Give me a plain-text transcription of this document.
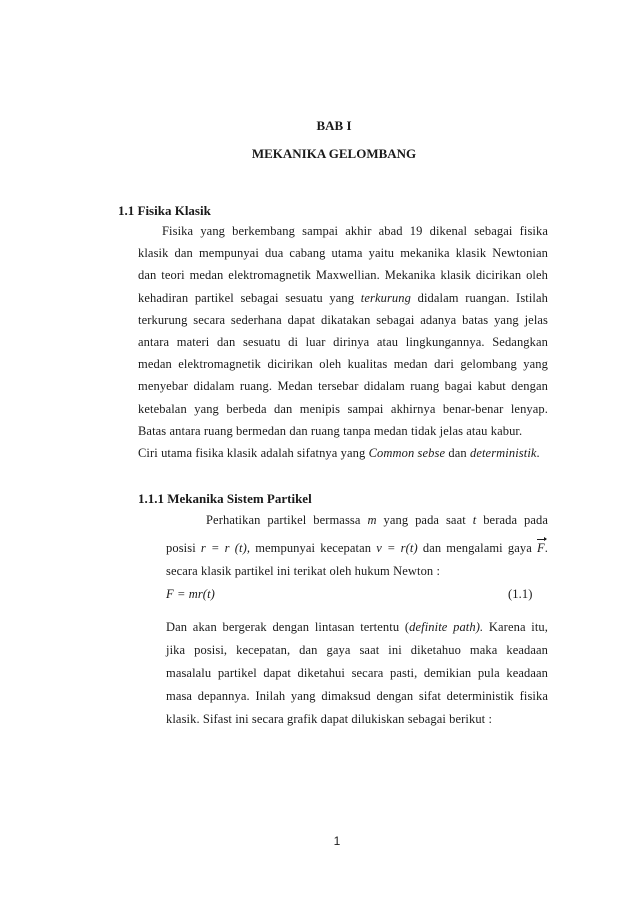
BAB I
MEKANIKA GELOMBANG
1.1 Fisika Klasik
Fisika yang berkembang sampai akhir abad 19 dikenal sebagai fisika
klasik dan mempunyai dua cabang utama yaitu mekanika klasik Newtonian
dan teori medan elektromagnetik Maxwellian. Mekanika klasik dicirikan oleh
kehadiran partikel sebagai sesuatu yang terkurung didalam ruangan. Istilah
terkurung secara sederhana dapat dikatakan sebagai adanya batas yang jelas
antara materi dan sesuatu di luar dirinya atau lingkungannya. Sedangkan
medan elektromagnetik dicirikan oleh kualitas medan dari gelombang yang
menyebar didalam ruang. Medan tersebar didalam ruang bagai kabut dengan
ketebalan yang berbeda dan menipis sampai akhirnya benar-benar lenyap.
Batas antara ruang bermedan dan ruang tanpa medan tidak jelas atau kabur.
Ciri utama fisika klasik adalah sifatnya yang Common sebse dan deterministik.
1.1.1 Mekanika Sistem Partikel
Perhatikan partikel bermassa m yang pada saat t berada pada
posisi r = r (t), mempunyai kecepatan v = r(t) dan mengalami gaya F.
secara klasik partikel ini terikat oleh hukum Newton :
F = mr(t)	(1.1)
Dan akan bergerak dengan lintasan tertentu (definite path). Karena itu,
jika posisi, kecepatan, dan gaya saat ini diketahuo maka keadaan
masalalu partikel dapat diketahui secara pasti, demikian pula keadaan
masa depannya. Inilah yang dimaksud dengan sifat deterministik fisika
klasik. Sifast ini secara grafik dapat dilukiskan sebagai berikut :
1
